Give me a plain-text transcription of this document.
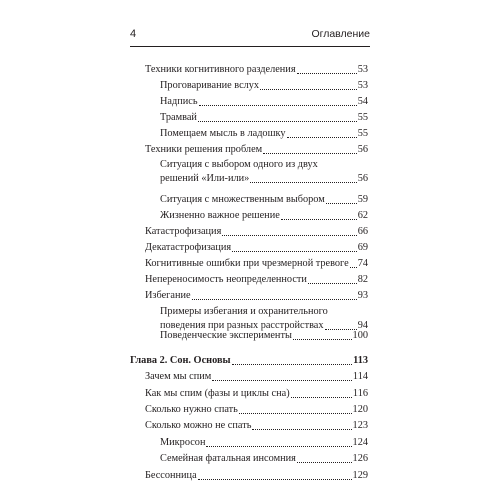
4	Оглавление
Техники когнитивного разделения	53
Проговаривание вслух	53
Надпись	54
Трамвай	55
Помещаем мысль в ладошку	55
Техники решения проблем	56
Ситуация с выбором одного из двух
решений «Или-или»	56
Ситуация с множественным выбором	59
Жизненно важное решение	62
Катастрофизация	66
Декатастрофизация	69
Когнитивные ошибки при чрезмерной тревоге 74
Непереносимость неопределенности	82
Избегание	93
Примеры избегания и охранительного
поведения при разных расстройствах	94
Поведенческие эксперименты	100
Глава 2. Сон. Основы	113
Зачем мы спим	114
Как мы спим (фазы и циклы сна)	116
Сколько нужно спать	120
Сколько можно не спать	123
Микросон	124
Семейная фатальная инсомния	126
Бессонница	129
